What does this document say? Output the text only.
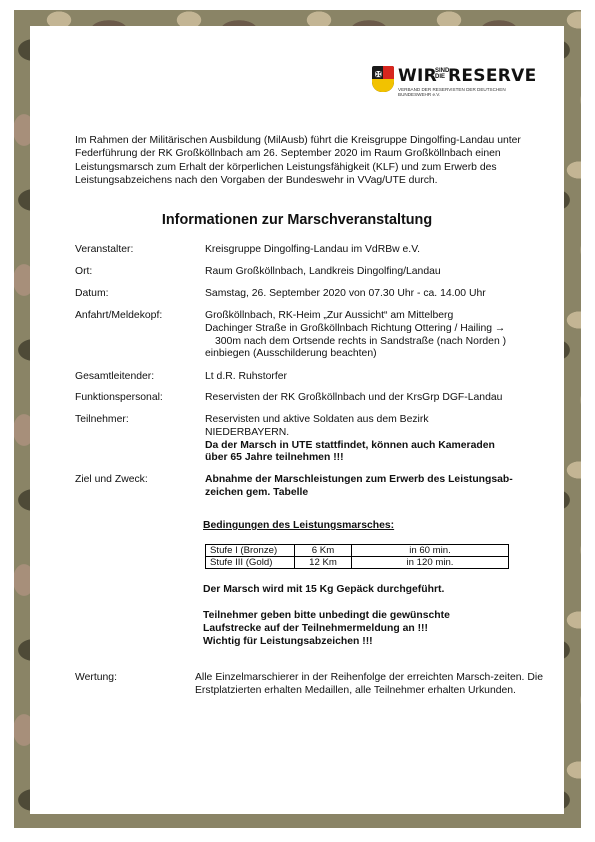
✠ WIR
SIND DIE RESERVE
VERBAND DER RESERVISTEN DER DEUTSCHEN BUNDESWEHR e.V.
Im Rahmen der Militärischen Ausbildung (MilAusb) führt die Kreisgruppe Dingolfing-Landau unter Federführung der RK Großköllnbach am 26. September 2020 im Raum Großköllnbach einen Leistungsmarsch zum Erhalt der körperlichen Leistungsfähigkeit (KLF) und zum Erwerb des Leistungsabzeichens nach den Vorgaben der Bundeswehr in VVag/UTE durch.
Informationen zur Marschveranstaltung
Veranstalter:	Kreisgruppe Dingolfing-Landau im VdRBw e.V.
Ort:	Raum Großköllnbach, Landkreis Dingolfing/Landau
Datum:	Samstag, 26. September 2020 von 07.30 Uhr - ca. 14.00 Uhr
Anfahrt/Meldekopf:	Großköllnbach, RK-Heim „Zur Aussicht“ am Mittelberg
Dachinger Straße in Großköllnbach Richtung Ottering / Hailing →
300m nach dem Ortsende rechts in Sandstraße (nach Norden )
einbiegen (Ausschilderung beachten)
Gesamtleitender:	Lt d.R. Ruhstorfer
Funktionspersonal:	Reservisten der RK Großköllnbach und der KrsGrp DGF-Landau
Teilnehmer:	Reservisten und aktive Soldaten aus dem Bezirk
NIEDERBAYERN.
Da der Marsch in UTE stattfindet, können auch Kameraden
über 65 Jahre teilnehmen !!!
Ziel und Zweck:	Abnahme der Marschleistungen zum Erwerb des Leistungsab-
zeichen gem. Tabelle
Bedingungen des Leistungsmarsches:
Stufe I (Bronze)	6 Km	in 60 min.
Stufe III (Gold)	12 Km	in 120 min.
Der Marsch wird mit 15 Kg Gepäck durchgeführt.
Teilnehmer geben bitte unbedingt die gewünschte
Laufstrecke auf der Teilnehmermeldung an !!!
Wichtig für Leistungsabzeichen !!!
Wertung:	Alle Einzelmarschierer in der Reihenfolge der erreichten Marsch-zeiten. Die Erstplatzierten erhalten Medaillen, alle Teilnehmer erhalten Urkunden.
